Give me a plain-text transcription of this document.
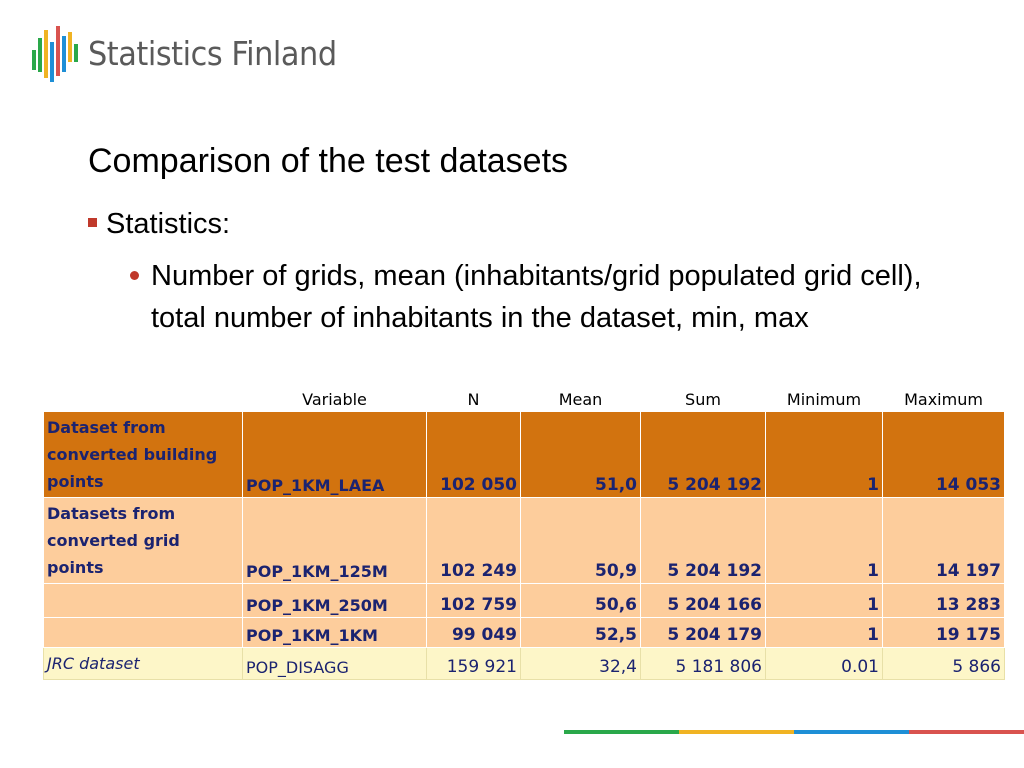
Statistics Finland
Comparison of the test datasets
Statistics:
Number of grids, mean (inhabitants/grid populated grid cell), total number of inhabitants in the dataset, min, max
	Variable	N	Mean	Sum	Minimum	Maximum
Dataset from converted building points	POP_1KM_LAEA	102 050	51,0	5 204 192	1	14 053
Datasets from converted grid points	POP_1KM_125M	102 249	50,9	5 204 192	1	14 197
	POP_1KM_250M	102 759	50,6	5 204 166	1	13 283
	POP_1KM_1KM	99 049	52,5	5 204 179	1	19 175
JRC dataset	POP_DISAGG	159 921	32,4	5 181 806	0.01	5 866
